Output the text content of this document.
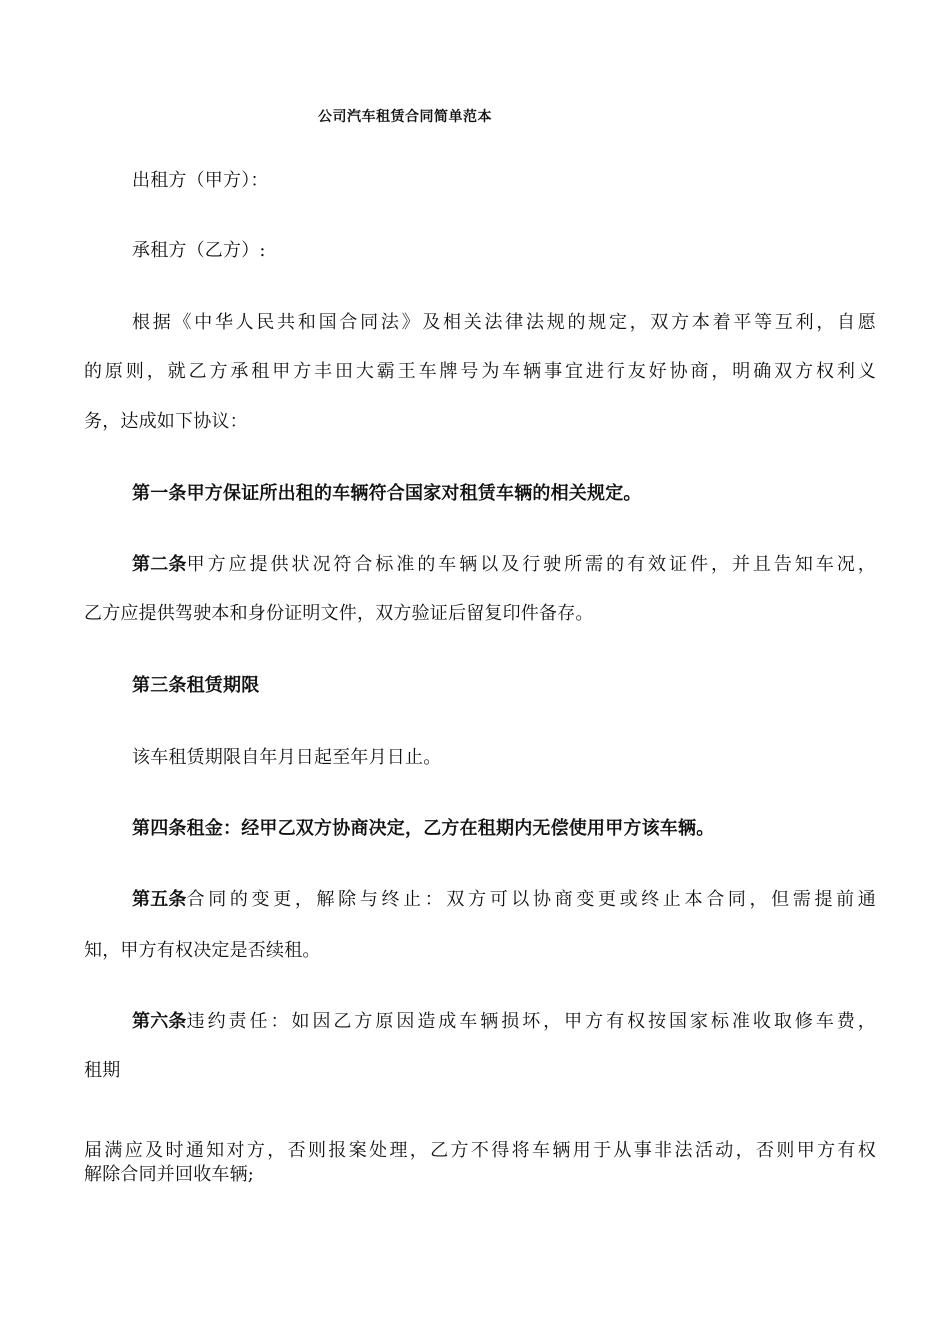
公司汽车租赁合同简单范本
出租方（甲方）：
承租方（乙方）:
根据《中华人民共和国合同法》及相关法律法规的规定，双方本着平等互利，自愿
的原则，就乙方承租甲方丰田大霸王车牌号为车辆事宜进行友好协商，明确双方权利义
务，达成如下协议：
第一条甲方保证所出租的车辆符合国家对租赁车辆的相关规定。
第二条 甲方应提供状况符合标准的车辆以及行驶所需的有效证件，并且告知车况，
乙方应提供驾驶本和身份证明文件，双方验证后留复印件备存。
第三条租赁期限
该车租赁期限自年月日起至年月日止。
第四条租金：经甲乙双方协商决定，乙方在租期内无偿使用甲方该车辆。
第五条 合同的变更，解除与终止：双方可以协商变更或终止本合同，但需提前通
知，甲方有权决定是否续租。
第六条 违约责任：如因乙方原因造成车辆损坏，甲方有权按国家标准收取修车费，
租期
届满应及时通知对方，否则报案处理，乙方不得将车辆用于从事非法活动，否则甲方有权
解除合同并回收车辆;
